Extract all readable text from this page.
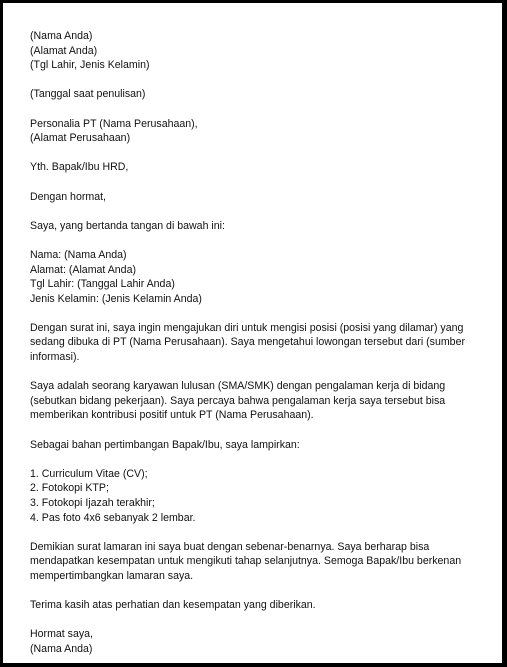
(Nama Anda)
(Alamat Anda)
(Tgl Lahir, Jenis Kelamin)
(Tanggal saat penulisan)
Personalia PT (Nama Perusahaan),
(Alamat Perusahaan)
Yth. Bapak/Ibu HRD,
Dengan hormat,
Saya, yang bertanda tangan di bawah ini:
Nama: (Nama Anda)
Alamat: (Alamat Anda)
Tgl Lahir: (Tanggal Lahir Anda)
Jenis Kelamin: (Jenis Kelamin Anda)
Dengan surat ini, saya ingin mengajukan diri untuk mengisi posisi (posisi yang dilamar) yang
sedang dibuka di PT (Nama Perusahaan). Saya mengetahui lowongan tersebut dari (sumber
informasi).
Saya adalah seorang karyawan lulusan (SMA/SMK) dengan pengalaman kerja di bidang
(sebutkan bidang pekerjaan). Saya percaya bahwa pengalaman kerja saya tersebut bisa
memberikan kontribusi positif untuk PT (Nama Perusahaan).
Sebagai bahan pertimbangan Bapak/Ibu, saya lampirkan:
1. Curriculum Vitae (CV);
2. Fotokopi KTP;
3. Fotokopi Ijazah terakhir;
4. Pas foto 4x6 sebanyak 2 lembar.
Demikian surat lamaran ini saya buat dengan sebenar-benarnya. Saya berharap bisa
mendapatkan kesempatan untuk mengikuti tahap selanjutnya. Semoga Bapak/Ibu berkenan
mempertimbangkan lamaran saya.
Terima kasih atas perhatian dan kesempatan yang diberikan.
Hormat saya,
(Nama Anda)
